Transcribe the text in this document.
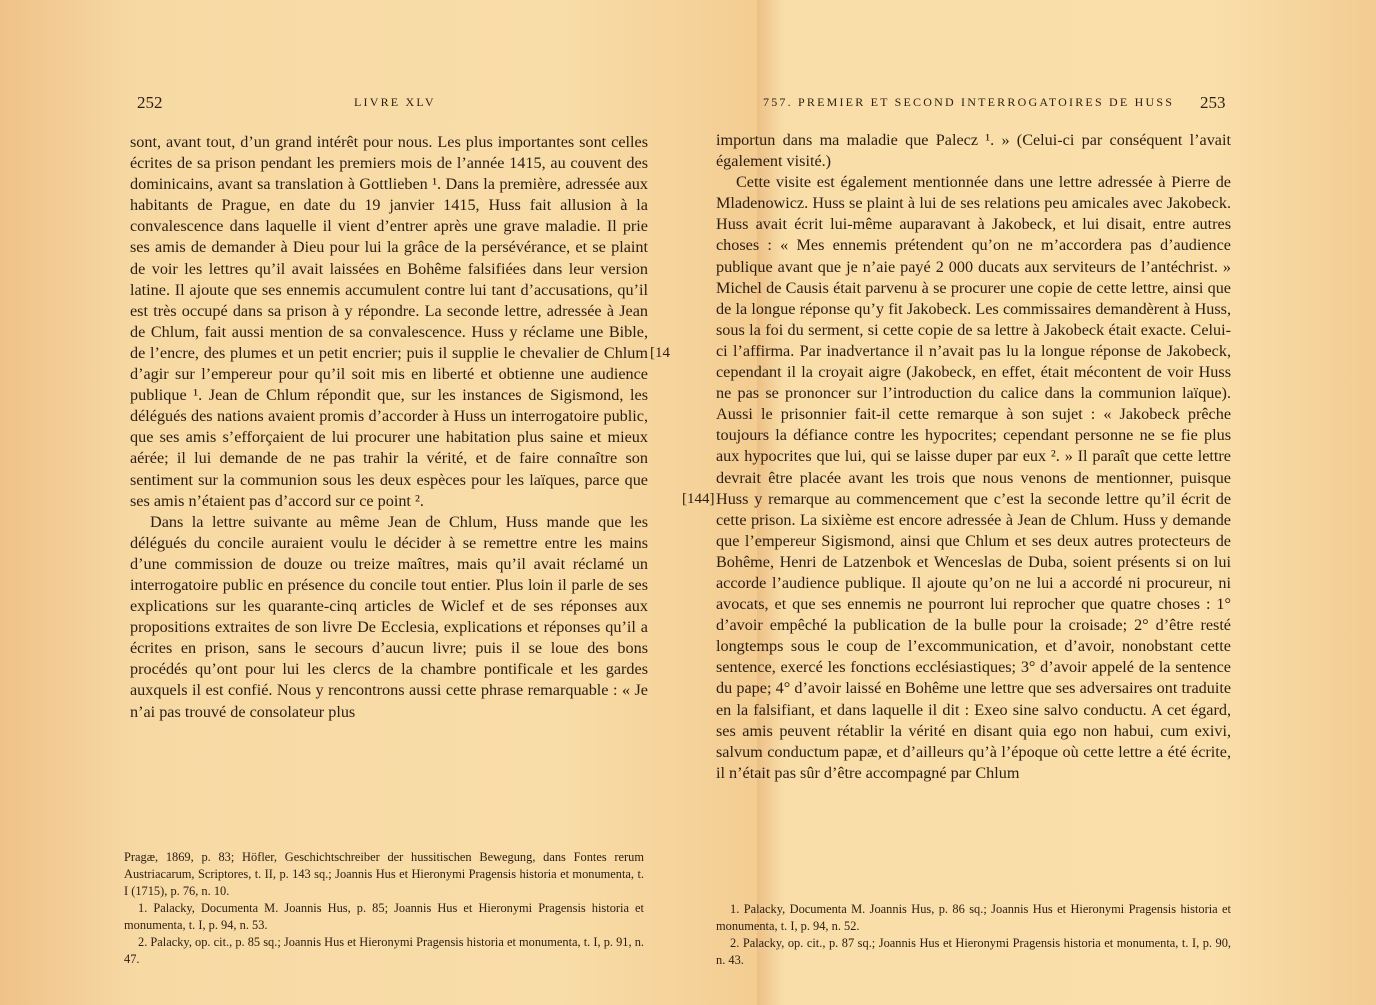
252	LIVRE XLV

sont, avant tout, d’un grand intérêt pour nous. Les plus importantes sont celles écrites de sa prison pendant les premiers mois de l’année 1415, au couvent des dominicains, avant sa translation à Gottlieben ¹. Dans la première, adressée aux habitants de Prague, en date du 19 janvier 1415, Huss fait allusion à la convalescence dans laquelle il vient d’entrer après une grave maladie. Il prie ses amis de demander à Dieu pour lui la grâce de la persévérance, et se plaint de voir les lettres qu’il avait laissées en Bohême falsifiées dans leur version latine. Il ajoute que ses ennemis accumulent contre lui tant d’accusations, qu’il est très occupé dans sa prison à y répondre. La seconde lettre, adressée à Jean de Chlum, fait aussi mention de sa convalescence. Huss y réclame une Bible, de l’encre, des plumes et un petit encrier; puis il supplie le chevalier de Chlum d’agir sur l’empereur pour qu’il soit mis en liberté et obtienne une audience publique ¹. Jean de Chlum répondit que, sur les instances de Sigismond, les délégués des nations avaient promis d’accorder à Huss un interrogatoire public, que ses amis s’efforçaient de lui procurer une habitation plus saine et mieux aérée; il lui demande de ne pas trahir la vérité, et de faire connaître son sentiment sur la communion sous les deux espèces pour les laïques, parce que ses amis n’étaient pas d’accord sur ce point ².

Dans la lettre suivante au même Jean de Chlum, Huss mande que les délégués du concile auraient voulu le décider à se remettre entre les mains d’une commission de douze ou treize maîtres, mais qu’il avait réclamé un interrogatoire public en présence du concile tout entier. Plus loin il parle de ses explications sur les quarante-cinq articles de Wiclef et de ses réponses aux propositions extraites de son livre De Ecclesia, explications et réponses qu’il a écrites en prison, sans le secours d’aucun livre; puis il se loue des bons procédés qu’ont pour lui les clercs de la chambre pontificale et les gardes auxquels il est confié. Nous y rencontrons aussi cette phrase remarquable : « Je n’ai pas trouvé de consolateur plus

Pragæ, 1869, p. 83; Höfler, Geschichtschreiber der hussitischen Bewegung, dans Fontes rerum Austriacarum, Scriptores, t. II, p. 143 sq.; Joannis Hus et Hieronymi Pragensis historia et monumenta, t. I (1715), p. 76, n. 10.

1. Palacky, Documenta M. Joannis Hus, p. 85; Joannis Hus et Hieronymi Pragensis historia et monumenta, t. I, p. 94, n. 53.

2. Palacky, op. cit., p. 85 sq.; Joannis Hus et Hieronymi Pragensis historia et monumenta, t. I, p. 91, n. 47.

[14
757. PREMIER ET SECOND INTERROGATOIRES DE HUSS 253

importun dans ma maladie que Palecz ¹. » (Celui-ci par conséquent l’avait également visité.)

Cette visite est également mentionnée dans une lettre adressée à Pierre de Mladenowicz. Huss se plaint à lui de ses relations peu amicales avec Jakobeck. Huss avait écrit lui-même auparavant à Jakobeck, et lui disait, entre autres choses : « Mes ennemis prétendent qu’on ne m’accordera pas d’audience publique avant que je n’aie payé 2 000 ducats aux serviteurs de l’antéchrist. » Michel de Causis était parvenu à se procurer une copie de cette lettre, ainsi que de la longue réponse qu’y fit Jakobeck. Les commissaires demandèrent à Huss, sous la foi du serment, si cette copie de sa lettre à Jakobeck était exacte. Celui-ci l’affirma. Par inadvertance il n’avait pas lu la longue réponse de Jakobeck, cependant il la croyait aigre (Jakobeck, en effet, était mécontent de voir Huss ne pas se prononcer sur l’introduction du calice dans la communion laïque). Aussi le prisonnier fait-il cette remarque à son sujet : « Jakobeck prêche toujours la défiance contre les hypocrites; cependant personne ne se fie plus aux hypocrites que lui, qui se laisse duper par eux ². » Il paraît que cette lettre devrait être placée avant les trois que nous venons de mentionner, puisque Huss y remarque au commencement que c’est la seconde lettre qu’il écrit de cette prison. La sixième est encore adressée à Jean de Chlum. Huss y demande que l’empereur Sigismond, ainsi que Chlum et ses deux autres protecteurs de Bohême, Henri de Latzenbok et Wenceslas de Duba, soient présents si on lui accorde l’audience publique. Il ajoute qu’on ne lui a accordé ni procureur, ni avocats, et que ses ennemis ne pourront lui reprocher que quatre choses : 1° d’avoir empêché la publication de la bulle pour la croisade; 2° d’être resté longtemps sous le coup de l’excommunication, et d’avoir, nonobstant cette sentence, exercé les fonctions ecclésiastiques; 3° d’avoir appelé de la sentence du pape; 4° d’avoir laissé en Bohême une lettre que ses adversaires ont traduite en la falsifiant, et dans laquelle il dit : Exeo sine salvo conductu. A cet égard, ses amis peuvent rétablir la vérité en disant quia ego non habui, cum exivi, salvum conductum papæ, et d’ailleurs qu’à l’époque où cette lettre a été écrite, il n’était pas sûr d’être accompagné par Chlum

[144]

1. Palacky, Documenta M. Joannis Hus, p. 86 sq.; Joannis Hus et Hieronymi Pragensis historia et monumenta, t. I, p. 94, n. 52.

2. Palacky, op. cit., p. 87 sq.; Joannis Hus et Hieronymi Pragensis historia et monumenta, t. I, p. 90, n. 43.
